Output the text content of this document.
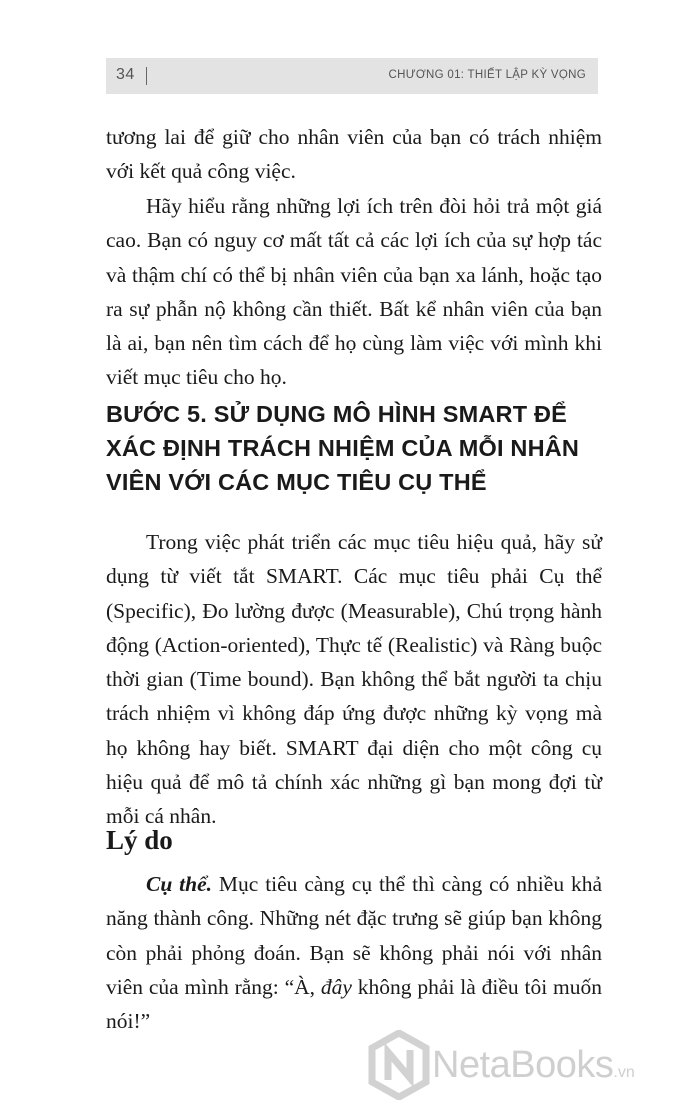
34	CHƯƠNG 01: THIẾT LẬP KỲ VỌNG

tương lai để giữ cho nhân viên của bạn có trách nhiệm với kết quả công việc.

Hãy hiểu rằng những lợi ích trên đòi hỏi trả một giá cao. Bạn có nguy cơ mất tất cả các lợi ích của sự hợp tác và thậm chí có thể bị nhân viên của bạn xa lánh, hoặc tạo ra sự phẫn nộ không cần thiết. Bất kể nhân viên của bạn là ai, bạn nên tìm cách để họ cùng làm việc với mình khi viết mục tiêu cho họ.

BƯỚC 5. SỬ DỤNG MÔ HÌNH SMART ĐỂ XÁC ĐỊNH TRÁCH NHIỆM CỦA MỖI NHÂN VIÊN VỚI CÁC MỤC TIÊU CỤ THỂ

Trong việc phát triển các mục tiêu hiệu quả, hãy sử dụng từ viết tắt SMART. Các mục tiêu phải Cụ thể (Specific), Đo lường được (Measurable), Chú trọng hành động (Action-oriented), Thực tế (Realistic) và Ràng buộc thời gian (Time bound). Bạn không thể bắt người ta chịu trách nhiệm vì không đáp ứng được những kỳ vọng mà họ không hay biết. SMART đại diện cho một công cụ hiệu quả để mô tả chính xác những gì bạn mong đợi từ mỗi cá nhân.

Lý do

Cụ thể. Mục tiêu càng cụ thể thì càng có nhiều khả năng thành công. Những nét đặc trưng sẽ giúp bạn không còn phải phỏng đoán. Bạn sẽ không phải nói với nhân viên của mình rằng: “À, đây không phải là điều tôi muốn nói!”

NetaBooks.vn
